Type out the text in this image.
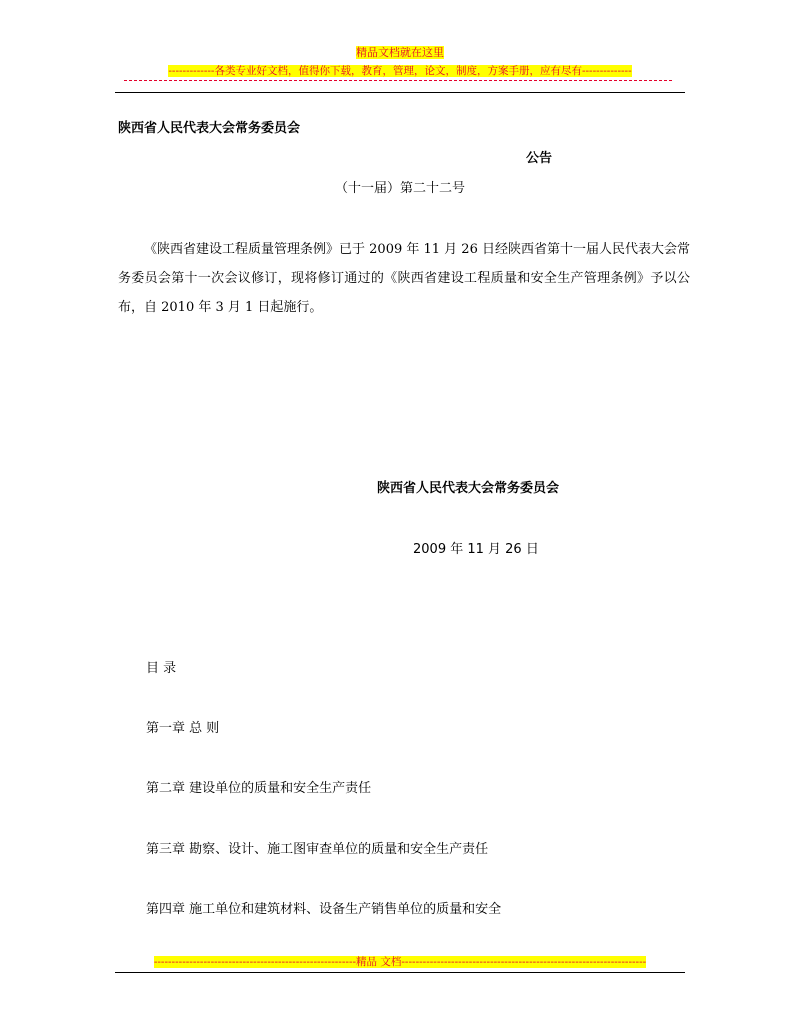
精品文档就在这里
-------------各类专业好文档，值得你下载，教育，管理，论文，制度，方案手册，应有尽有--------------
陕西省人民代表大会常务委员会
公告
（十一届）第二十二号
《陕西省建设工程质量管理条例》已于 2009 年 11 月 26 日经陕西省第十一届人民代表大会常务委员会第十一次会议修订，现将修订通过的《陕西省建设工程质量和安全生产管理条例》予以公布，自 2010 年 3 月 1 日起施行。
陕西省人民代表大会常务委员会
2009 年 11 月 26 日
目 录
第一章 总 则
第二章 建设单位的质量和安全生产责任
第三章 勘察、设计、施工图审查单位的质量和安全生产责任
第四章 施工单位和建筑材料、设备生产销售单位的质量和安全
---------------------------------------------------------精品 文档---------------------------------------------------------------------
